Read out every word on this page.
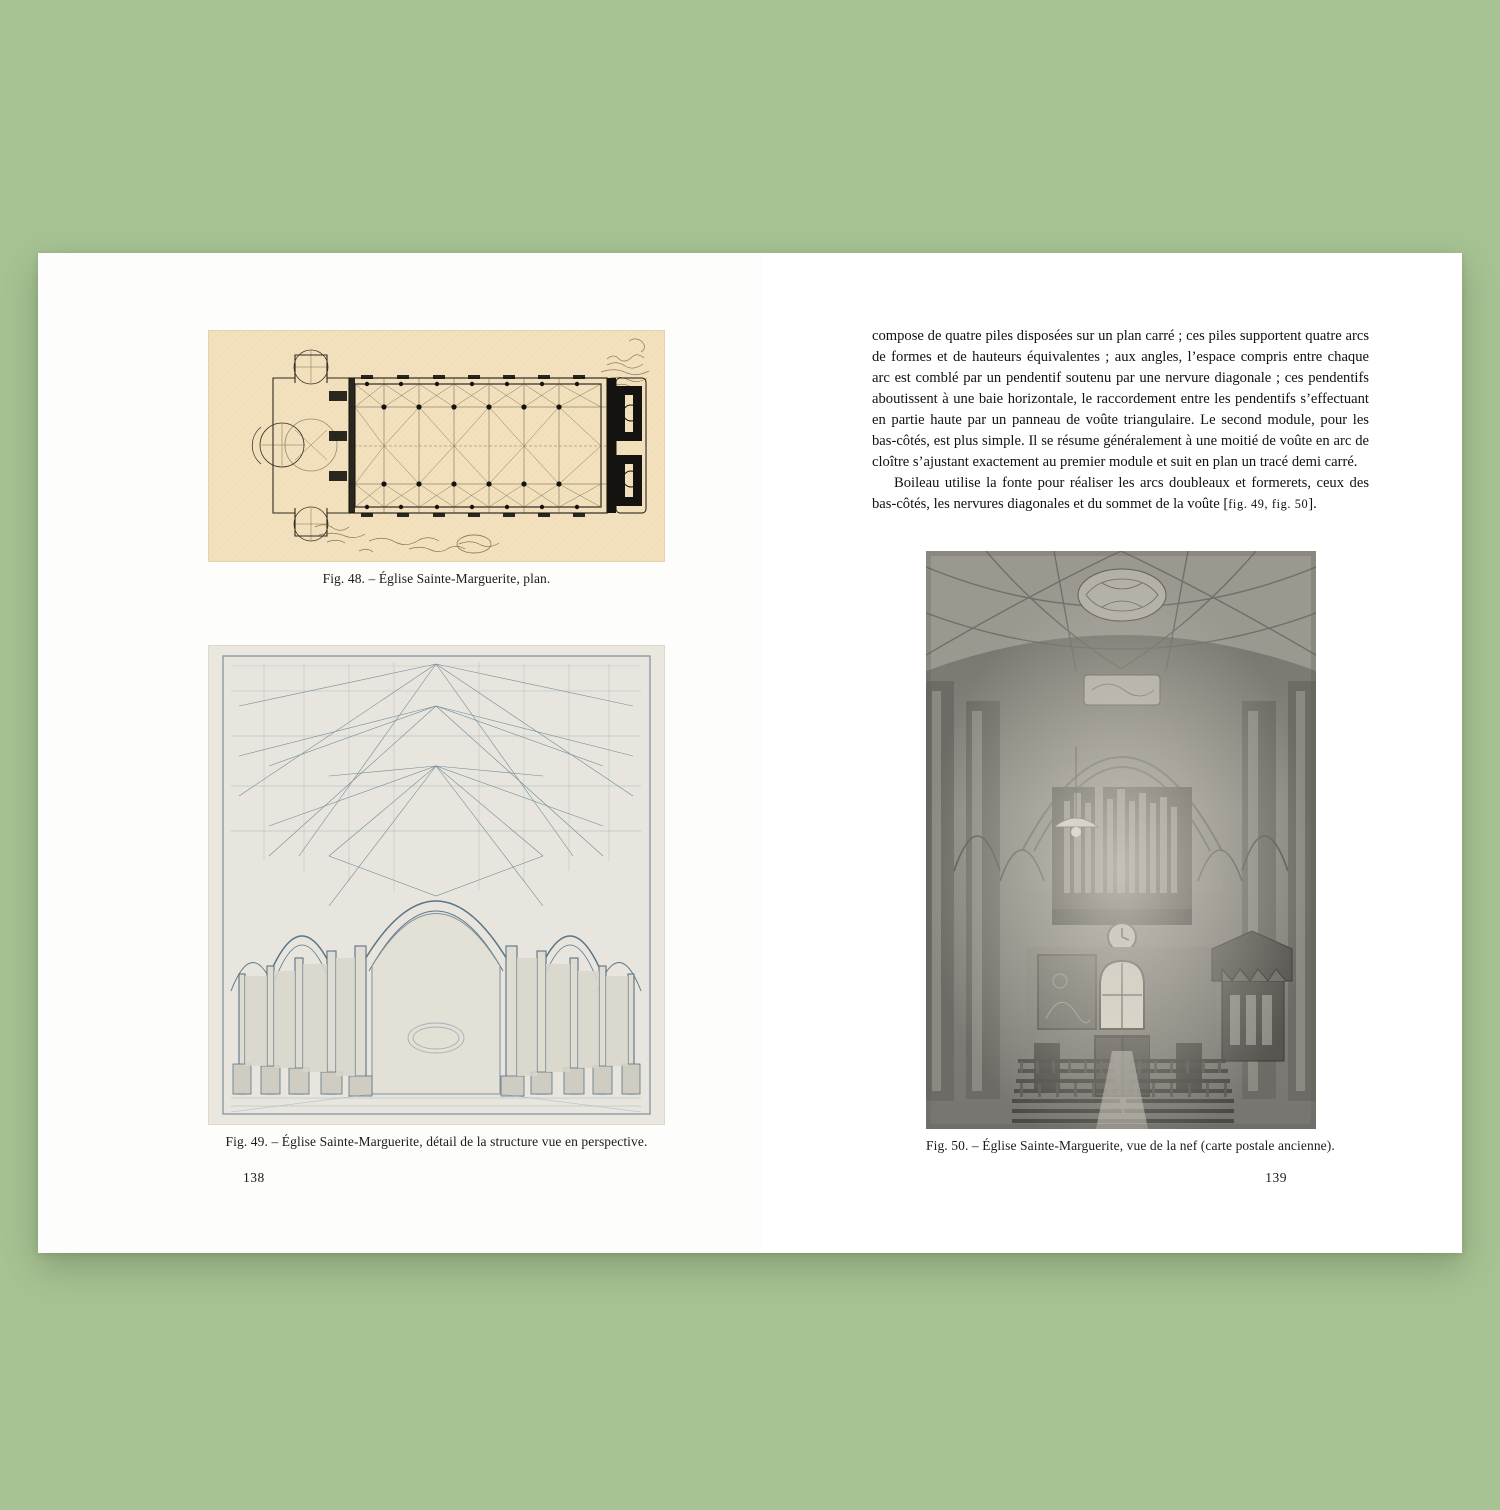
Fig. 48. – Église Sainte-Marguerite, plan.
Fig. 49. – Église Sainte-Marguerite, détail de la structure vue en perspective.
138

compose de quatre piles disposées sur un plan carré ; ces piles supportent quatre arcs de formes et de hauteurs équivalentes ; aux angles, l’espace compris entre chaque arc est comblé par un pendentif soutenu par une nervure diagonale ; ces pendentifs aboutissent à une baie horizontale, le raccordement entre les pendentifs s’effectuant en partie haute par un panneau de voûte triangulaire. Le second module, pour les bas-côtés, est plus simple. Il se résume généralement à une moitié de voûte en arc de cloître s’ajustant exactement au premier module et suit en plan un tracé demi carré.

Boileau utilise la fonte pour réaliser les arcs doubleaux et formerets, ceux des bas-côtés, les nervures diagonales et du sommet de la voûte [fig. 49, fig. 50].

Fig. 50. – Église Sainte-Marguerite, vue de la nef (carte postale ancienne).
139
